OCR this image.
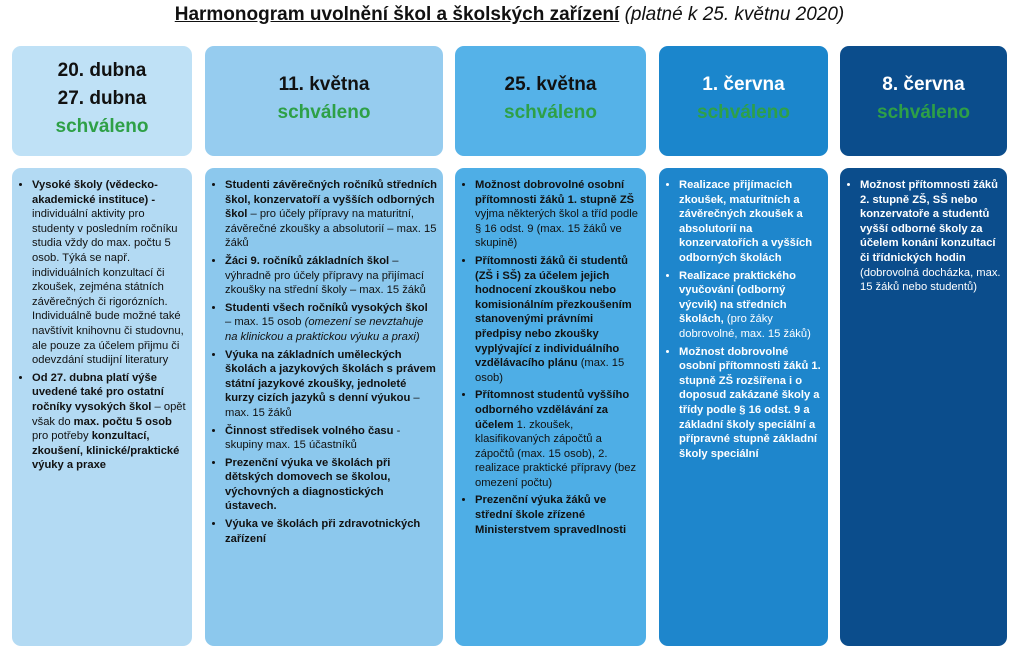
Harmonogram uvolnění škol a školských zařízení (platné k 25. květnu 2020)
20. dubna
27. dubna
schváleno
• Vysoké školy (vědecko-akademické instituce) - individuální aktivity pro studenty v posledním ročníku studia vždy do max. počtu 5 osob. Týká se např. individuálních konzultací či zkoušek, zejména státních závěrečných či rigorózních. Individuálně bude možné také navštívit knihovnu či studovnu, ale pouze za účelem přijmu či odevzdání studijní literatury
• Od 27. dubna platí výše uvedené také pro ostatní ročníky vysokých škol – opět však do max. počtu 5 osob pro potřeby konzultací, zkoušení, klinické/praktické výuky a praxe
11. května
schváleno
• Studenti závěrečných ročníků středních škol, konzervatoří a vyšších odborných škol – pro účely přípravy na maturitní, závěrečné zkoušky a absolutorií – max. 15 žáků
• Žáci 9. ročníků základních škol – výhradně pro účely přípravy na přijímací zkoušky na střední školy – max. 15 žáků
• Studenti všech ročníků vysokých škol – max. 15 osob (omezení se nevztahuje na klinickou a praktickou výuku a praxi)
• Výuka na základních uměleckých školách a jazykových školách s právem státní jazykové zkoušky, jednoleté kurzy cizích jazyků s denní výukou – max. 15 žáků
• Činnost středisek volného času - skupiny max. 15 účastníků
• Prezenční výuka ve školách při dětských domovech se školou, výchovných a diagnostických ústavech.
• Výuka ve školách při zdravotnických zařízení
25. května
schváleno
• Možnost dobrovolné osobní přítomnosti žáků 1. stupně ZŠ vyjma některých škol a tříd podle § 16 odst. 9 (max. 15 žáků ve skupině)
• Přítomnosti žáků či studentů (ZŠ i SŠ) za účelem jejich hodnocení zkouškou nebo komisionálním přezkoušením stanovenými právními předpisy nebo zkoušky vyplývající z individuálního vzdělávacího plánu (max. 15 osob)
• Přítomnost studentů vyššího odborného vzdělávání za účelem 1. zkoušek, klasifikovaných zápočtů a zápočtů (max. 15 osob), 2. realizace praktické přípravy (bez omezení počtu)
• Prezenční výuka žáků ve střední škole zřízené Ministerstvem spravedlnosti
1. června
schváleno
• Realizace přijímacích zkoušek, maturitních a závěrečných zkoušek a absolutorií na konzervatořích a vyšších odborných školách
• Realizace praktického vyučování (odborný výcvik) na středních školách, (pro žáky dobrovolné, max. 15 žáků)
• Možnost dobrovolné osobní přítomnosti žáků 1. stupně ZŠ rozšířena i o doposud zakázané školy a třídy podle § 16 odst. 9 a základní školy speciální a přípravné stupně základní školy speciální
8. června
schváleno
• Možnost přítomnosti žáků 2. stupně ZŠ, SŠ nebo konzervatoře a studentů vyšší odborné školy za účelem konání konzultací či třídnických hodin (dobrovolná docházka, max. 15 žáků nebo studentů)
